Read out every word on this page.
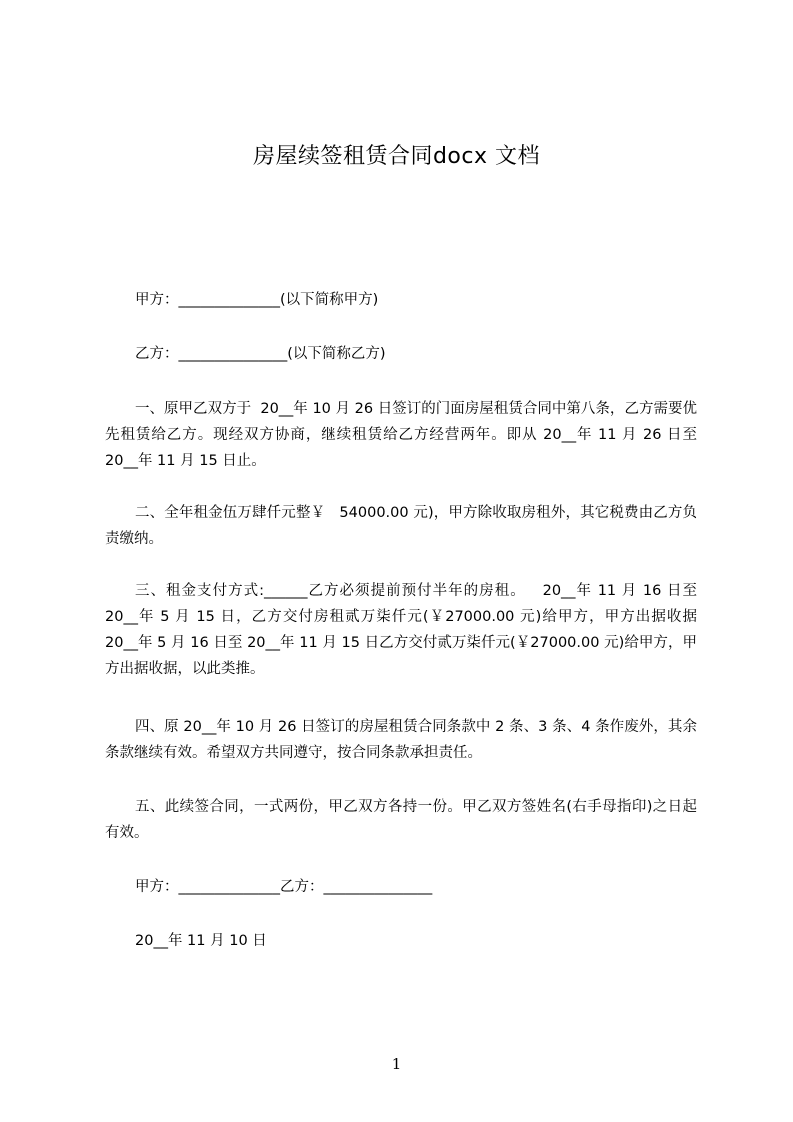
房屋续签租赁合同docx 文档
甲方：______________(以下简称甲方)
乙方：_______________(以下简称乙方)
一、原甲乙双方于  20__年 10 月 26 日签订的门面房屋租赁合同中第八条，乙方需要优先租赁给乙方。现经双方协商，继续租赁给乙方经营两年。即从 20__年 11 月 26 日至 20__年 11 月 15 日止。
二、全年租金伍万肆仟元整￥   54000.00 元)，甲方除收取房租外，其它税费由乙方负责缴纳。
三、租金支付方式:______乙方必须提前预付半年的房租。   20__年 11 月 16 日至 20__年 5 月 15 日，乙方交付房租贰万柒仟元(￥27000.00 元)给甲方，甲方出据收据 20__年 5 月 16 日至 20__年 11 月 15 日乙方交付贰万柒仟元(￥27000.00 元)给甲方，甲方出据收据，以此类推。
四、原 20__年 10 月 26 日签订的房屋租赁合同条款中 2 条、3 条、4 条作废外，其余条款继续有效。希望双方共同遵守，按合同条款承担责任。
五、此续签合同，一式两份，甲乙双方各持一份。甲乙双方签姓名(右手母指印)之日起有效。
甲方：______________乙方：_______________
20__年 11 月 10 日
1
